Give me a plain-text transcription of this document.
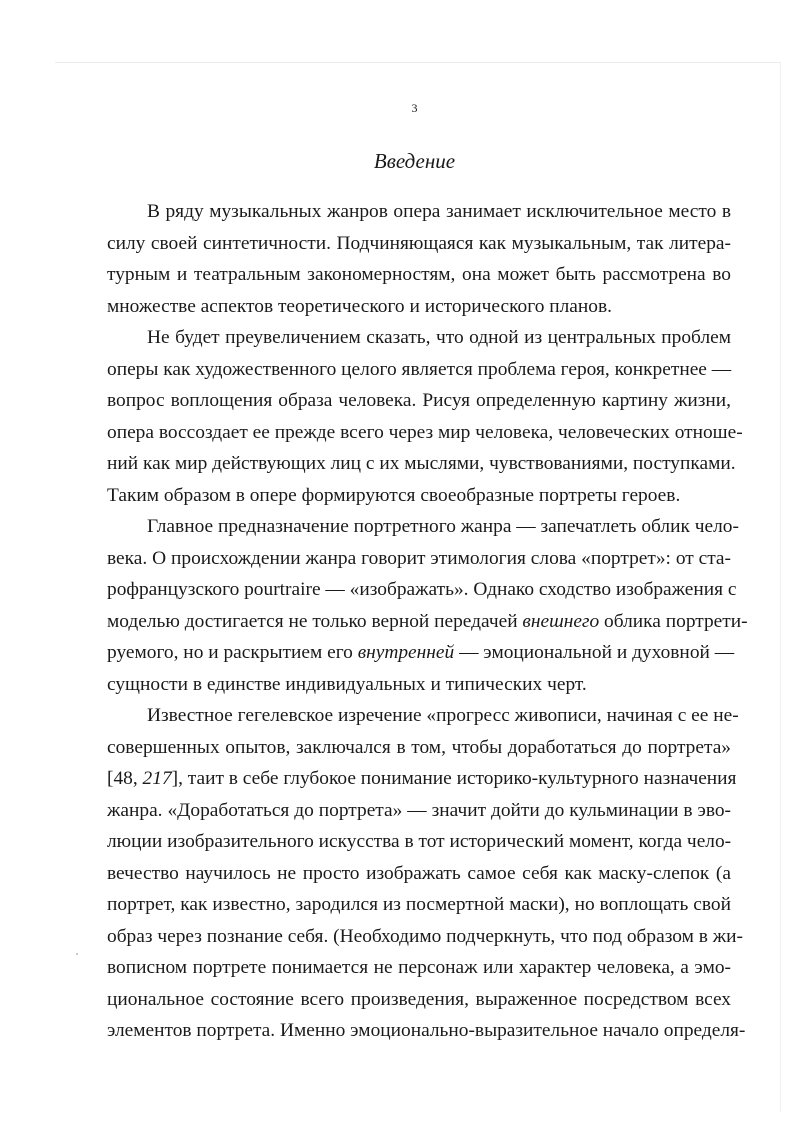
3
Введение
В ряду музыкальных жанров опера занимает исключительное место в
силу своей синтетичности. Подчиняющаяся как музыкальным, так литера-
турным и театральным закономерностям, она может быть рассмотрена во
множестве аспектов теоретического и исторического планов.
Не будет преувеличением сказать, что одной из центральных проблем
оперы как художественного целого является проблема героя, конкретнее —
вопрос воплощения образа человека. Рисуя определенную картину жизни,
опера воссоздает ее прежде всего через мир человека, человеческих отноше-
ний как мир действующих лиц с их мыслями, чувствованиями, поступками.
Таким образом в опере формируются своеобразные портреты героев.
Главное предназначение портретного жанра — запечатлеть облик чело-
века. О происхождении жанра говорит этимология слова «портрет»: от ста-
рофранцузского pourtraire — «изображать». Однако сходство изображения с
моделью достигается не только верной передачей внешнего облика портрети-
руемого, но и раскрытием его внутренней — эмоциональной и духовной —
сущности в единстве индивидуальных и типических черт.
Известное гегелевское изречение «прогресс живописи, начиная с ее не-
совершенных опытов, заключался в том, чтобы доработаться до портрета»
[48, 217], таит в себе глубокое понимание историко-культурного назначения
жанра. «Доработаться до портрета» — значит дойти до кульминации в эво-
люции изобразительного искусства в тот исторический момент, когда чело-
вечество научилось не просто изображать самое себя как маску-слепок (а
портрет, как известно, зародился из посмертной маски), но воплощать свой
образ через познание себя. (Необходимо подчеркнуть, что под образом в жи-
вописном портрете понимается не персонаж или характер человека, а эмо-
циональное состояние всего произведения, выраженное посредством всех
элементов портрета. Именно эмоционально-выразительное начало определя-
